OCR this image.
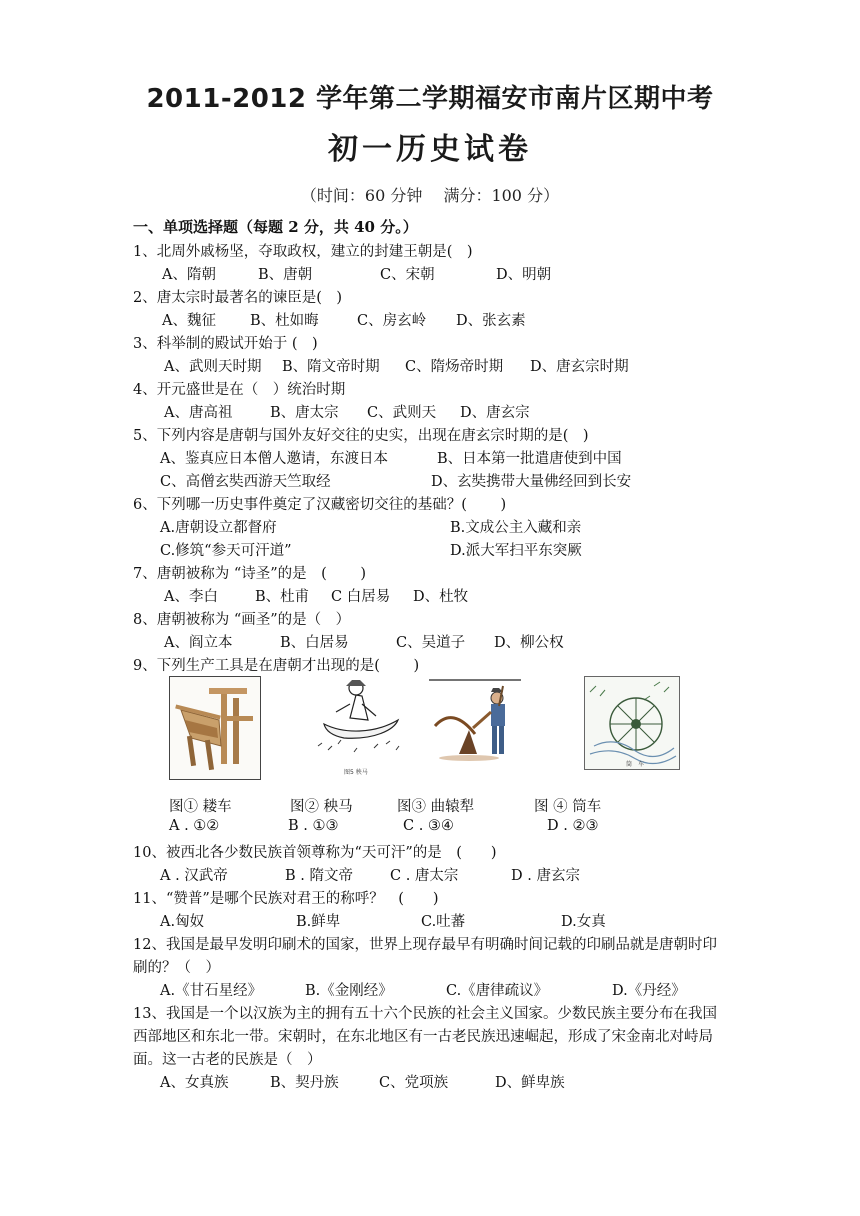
2011-2012 学年第二学期福安市南片区期中考
初一历史试卷
（时间：60 分钟　 满分：100 分）
一、单项选择题（每题 2 分，共 40 分。）
1、北周外戚杨坚，夺取政权，建立的封建王朝是(　)
A、隋朝	B、唐朝	C、宋朝	D、明朝
2、唐太宗时最著名的谏臣是(　)
A、魏征 B、杜如晦	C、房玄岭 D、张玄素
3、科举制的殿试开始于 (　)
A、武则天时期 B、隋文帝时期 C、隋炀帝时期 D、唐玄宗时期
4、开元盛世是在（　）统治时期
A、唐高祖	B、唐太宗 C、武则天 D、唐玄宗
5、下列内容是唐朝与国外友好交往的史实，出现在唐玄宗时期的是(　)
A、鉴真应日本僧人邀请，东渡日本	B、日本第一批遣唐使到中国
C、高僧玄奘西游天竺取经	D、玄奘携带大量佛经回到长安
6、下列哪一历史事件奠定了汉藏密切交往的基础？(　　 )
A.唐朝设立都督府	B.文成公主入藏和亲
C.修筑“参天可汗道”	D.派大军扫平东突厥
7、唐朝被称为 “诗圣”的是　(　　 )
A、李白	B、杜甫 C 白居易 D、杜牧
8、唐朝被称为 “画圣”的是（　）
A、阎立本	B、白居易	C、吴道子 D、柳公权
9、下列生产工具是在唐朝才出现的是(　　 )
图5 秧马
筒　车
图① 耧车	图② 秧马	图③ 曲辕犁	图 ④ 筒车
A . ①②	B . ①③	C . ③④	D . ②③
10、被西北各少数民族首领尊称为“天可汗”的是　(　　)
A . 汉武帝	B . 隋文帝	C . 唐太宗	D . 唐玄宗
11、“赞普”是哪个民族对君王的称呼？　(　　)
A.匈奴	B.鲜卑	C.吐蕃	D.女真
12、我国是最早发明印刷术的国家，世界上现存最早有明确时间记载的印刷品就是唐朝时印
刷的？（　）
A.《甘石星经》	B.《金刚经》	C.《唐律疏议》	D.《丹经》
13、我国是一个以汉族为主的拥有五十六个民族的社会主义国家。少数民族主要分布在我国
西部地区和东北一带。宋朝时，在东北地区有一古老民族迅速崛起，形成了宋金南北对峙局
面。这一古老的民族是（　）
A、女真族	B、契丹族	C、党项族	D、鲜卑族
